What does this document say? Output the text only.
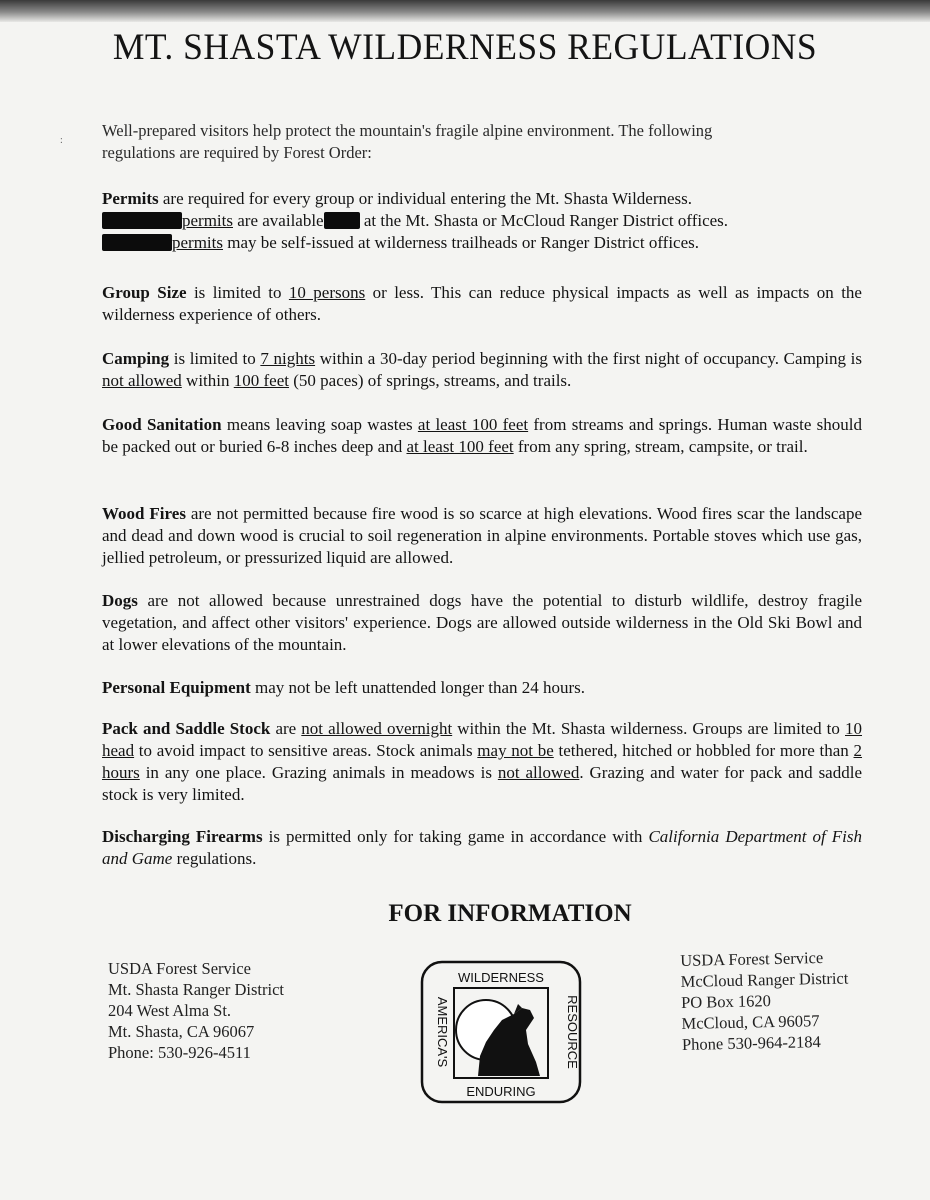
MT. SHASTA WILDERNESS REGULATIONS
:
Well-prepared visitors help protect the mountain's fragile alpine environment. The following
regulations are required by Forest Order:
Permits are required for every group or individual entering the Mt. Shasta Wilderness.
permits are available at the Mt. Shasta or McCloud Ranger District offices.
permits may be self-issued at wilderness trailheads or Ranger District offices.
Group Size is limited to 10 persons or less. This can reduce physical impacts as well as impacts on the wilderness experience of others.
Camping is limited to 7 nights within a 30-day period beginning with the first night of occupancy. Camping is not allowed within 100 feet (50 paces) of springs, streams, and trails.
Good Sanitation means leaving soap wastes at least 100 feet from streams and springs. Human waste should be packed out or buried 6-8 inches deep and at least 100 feet from any spring, stream, campsite, or trail.
Wood Fires are not permitted because fire wood is so scarce at high elevations. Wood fires scar the landscape and dead and down wood is crucial to soil regeneration in alpine environments. Portable stoves which use gas, jellied petroleum, or pressurized liquid are allowed.
Dogs are not allowed because unrestrained dogs have the potential to disturb wildlife, destroy fragile vegetation, and affect other visitors' experience. Dogs are allowed outside wilderness in the Old Ski Bowl and at lower elevations of the mountain.
Personal Equipment may not be left unattended longer than 24 hours.
Pack and Saddle Stock are not allowed overnight within the Mt. Shasta wilderness. Groups are limited to 10 head to avoid impact to sensitive areas. Stock animals may not be tethered, hitched or hobbled for more than 2 hours in any one place. Grazing animals in meadows is not allowed. Grazing and water for pack and saddle stock is very limited.
Discharging Firearms is permitted only for taking game in accordance with California Department of Fish and Game regulations.
FOR INFORMATION
USDA Forest Service
Mt. Shasta Ranger District
204 West Alma St.
Mt. Shasta, CA 96067
Phone: 530-926-4511
WILDERNESS
ENDURING
AMERICA'S	RESOURCE
USDA Forest Service
McCloud Ranger District
PO Box 1620
McCloud, CA 96057
Phone 530-964-2184
